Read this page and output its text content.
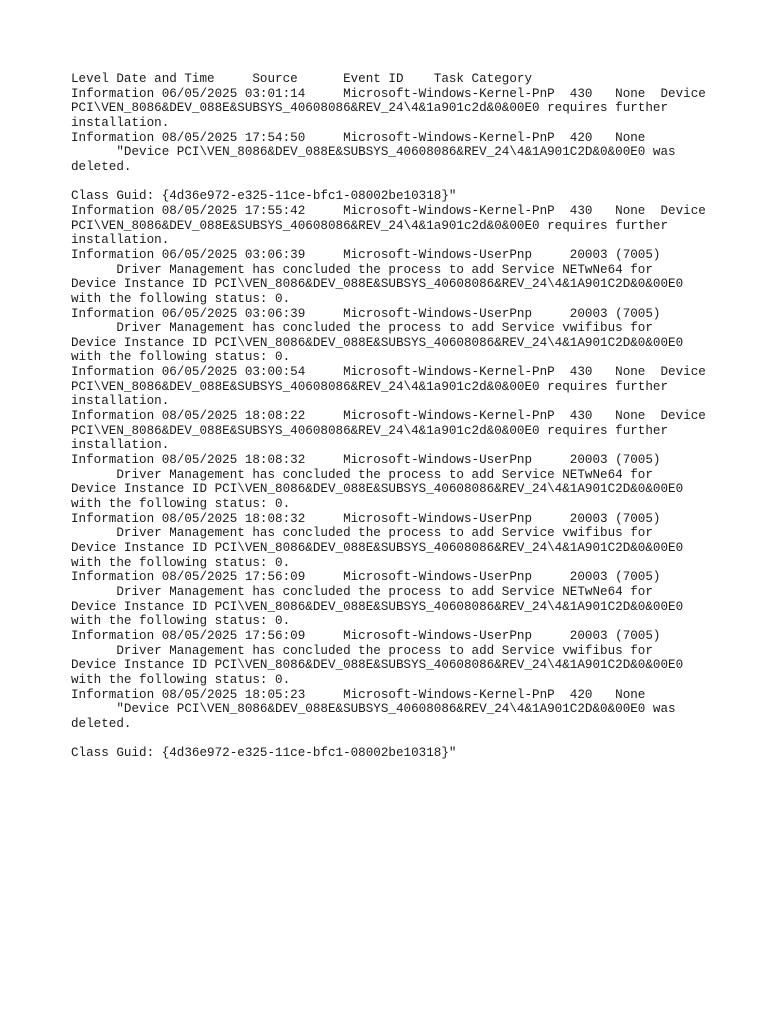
Level Date and Time     Source      Event ID    Task Category
Information 06/05/2025 03:01:14     Microsoft-Windows-Kernel-PnP  430   None  Device
PCI\VEN_8086&DEV_088E&SUBSYS_40608086&REV_24\4&1a901c2d&0&00E0 requires further
installation.
Information 08/05/2025 17:54:50     Microsoft-Windows-Kernel-PnP  420   None
"Device PCI\VEN_8086&DEV_088E&SUBSYS_40608086&REV_24\4&1A901C2D&0&00E0 was
deleted.

Class Guid: {4d36e972-e325-11ce-bfc1-08002be10318}"
Information 08/05/2025 17:55:42     Microsoft-Windows-Kernel-PnP  430   None  Device
PCI\VEN_8086&DEV_088E&SUBSYS_40608086&REV_24\4&1a901c2d&0&00E0 requires further
installation.
Information 06/05/2025 03:06:39     Microsoft-Windows-UserPnp     20003 (7005)
Driver Management has concluded the process to add Service NETwNe64 for
Device Instance ID PCI\VEN_8086&DEV_088E&SUBSYS_40608086&REV_24\4&1A901C2D&0&00E0
with the following status: 0.
Information 06/05/2025 03:06:39     Microsoft-Windows-UserPnp     20003 (7005)
Driver Management has concluded the process to add Service vwifibus for
Device Instance ID PCI\VEN_8086&DEV_088E&SUBSYS_40608086&REV_24\4&1A901C2D&0&00E0
with the following status: 0.
Information 06/05/2025 03:00:54     Microsoft-Windows-Kernel-PnP  430   None  Device
PCI\VEN_8086&DEV_088E&SUBSYS_40608086&REV_24\4&1a901c2d&0&00E0 requires further
installation.
Information 08/05/2025 18:08:22     Microsoft-Windows-Kernel-PnP  430   None  Device
PCI\VEN_8086&DEV_088E&SUBSYS_40608086&REV_24\4&1a901c2d&0&00E0 requires further
installation.
Information 08/05/2025 18:08:32     Microsoft-Windows-UserPnp     20003 (7005)
Driver Management has concluded the process to add Service NETwNe64 for
Device Instance ID PCI\VEN_8086&DEV_088E&SUBSYS_40608086&REV_24\4&1A901C2D&0&00E0
with the following status: 0.
Information 08/05/2025 18:08:32     Microsoft-Windows-UserPnp     20003 (7005)
Driver Management has concluded the process to add Service vwifibus for
Device Instance ID PCI\VEN_8086&DEV_088E&SUBSYS_40608086&REV_24\4&1A901C2D&0&00E0
with the following status: 0.
Information 08/05/2025 17:56:09     Microsoft-Windows-UserPnp     20003 (7005)
Driver Management has concluded the process to add Service NETwNe64 for
Device Instance ID PCI\VEN_8086&DEV_088E&SUBSYS_40608086&REV_24\4&1A901C2D&0&00E0
with the following status: 0.
Information 08/05/2025 17:56:09     Microsoft-Windows-UserPnp     20003 (7005)
Driver Management has concluded the process to add Service vwifibus for
Device Instance ID PCI\VEN_8086&DEV_088E&SUBSYS_40608086&REV_24\4&1A901C2D&0&00E0
with the following status: 0.
Information 08/05/2025 18:05:23     Microsoft-Windows-Kernel-PnP  420   None
"Device PCI\VEN_8086&DEV_088E&SUBSYS_40608086&REV_24\4&1A901C2D&0&00E0 was
deleted.

Class Guid: {4d36e972-e325-11ce-bfc1-08002be10318}"
